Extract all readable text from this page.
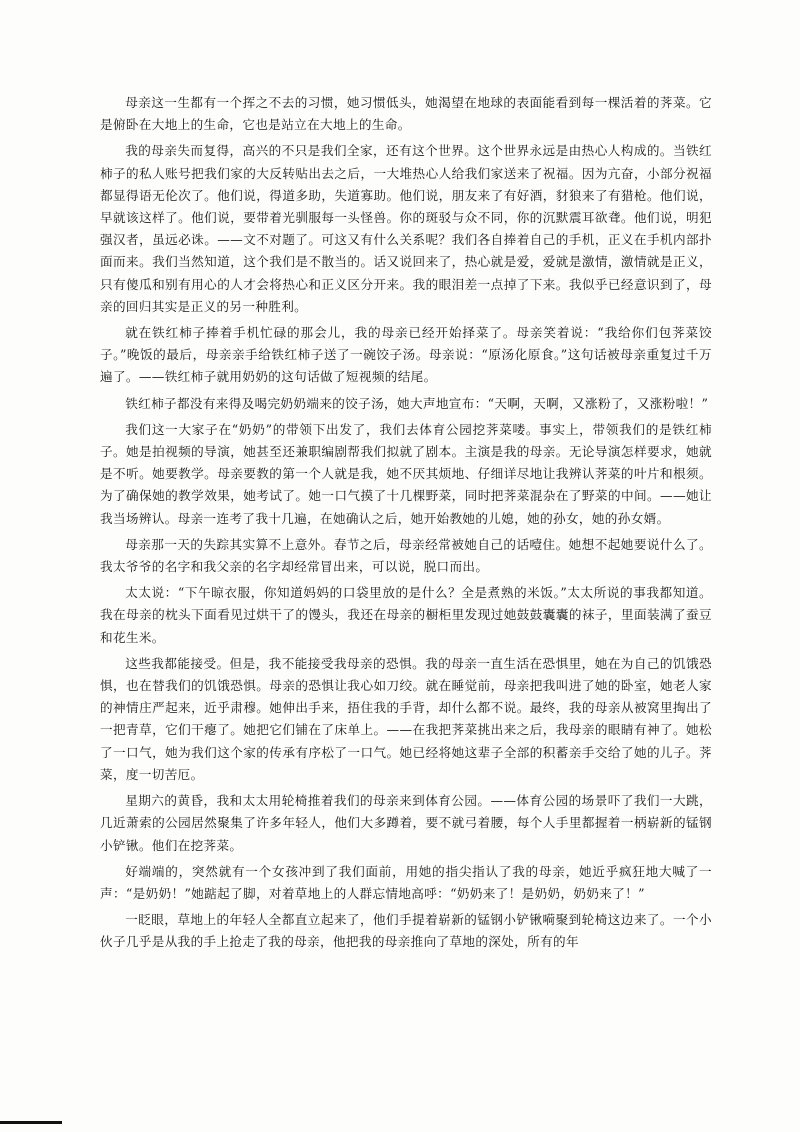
母亲这一生都有一个挥之不去的习惯，她习惯低头，她渴望在地球的表面能看到每一棵活着的荠菜。它是俯卧在大地上的生命，它也是站立在大地上的生命。

我的母亲失而复得，高兴的不只是我们全家，还有这个世界。这个世界永远是由热心人构成的。当铁红柿子的私人账号把我们家的大反转贴出去之后，一大堆热心人给我们家送来了祝福。因为亢奋，小部分祝福都显得语无伦次了。他们说，得道多助，失道寡助。他们说，朋友来了有好酒，豺狼来了有猎枪。他们说，早就该这样了。他们说，要带着光驯服每一头怪兽。你的斑驳与众不同，你的沉默震耳欲聋。他们说，明犯强汉者，虽远必诛。——文不对题了。可这又有什么关系呢？我们各自捧着自己的手机，正义在手机内部扑面而来。我们当然知道，这个我们是不散当的。话又说回来了，热心就是爱，爱就是激情，激情就是正义，只有傻瓜和别有用心的人才会将热心和正义区分开来。我的眼泪差一点掉了下来。我似乎已经意识到了，母亲的回归其实是正义的另一种胜利。

就在铁红柿子捧着手机忙碌的那会儿，我的母亲已经开始择菜了。母亲笑着说：“我给你们包荠菜饺子。”晚饭的最后，母亲亲手给铁红柿子送了一碗饺子汤。母亲说：“原汤化原食。”这句话被母亲重复过千万遍了。——铁红柿子就用奶奶的这句话做了短视频的结尾。

铁红柿子都没有来得及喝完奶奶端来的饺子汤，她大声地宣布：“天啊，天啊，又涨粉了，又涨粉啦！”

我们这一大家子在“奶奶”的带领下出发了，我们去体育公园挖荠菜喽。事实上，带领我们的是铁红柿子。她是拍视频的导演，她甚至还兼职编剧帮我们拟就了剧本。主演是我的母亲。无论导演怎样要求，她就是不听。她要教学。母亲要教的第一个人就是我，她不厌其烦地、仔细详尽地让我辨认荠菜的叶片和根须。为了确保她的教学效果，她考试了。她一口气摸了十几棵野菜，同时把荠菜混杂在了野菜的中间。——她让我当场辨认。母亲一连考了我十几遍，在她确认之后，她开始教她的儿媳，她的孙女，她的孙女婿。

母亲那一天的失踪其实算不上意外。春节之后，母亲经常被她自己的话噎住。她想不起她要说什么了。我太爷爷的名字和我父亲的名字却经常冒出来，可以说，脱口而出。

太太说：“下午晾衣服，你知道妈妈的口袋里放的是什么？全是煮熟的米饭。”太太所说的事我都知道。我在母亲的枕头下面看见过烘干了的馒头，我还在母亲的橱柜里发现过她鼓鼓囊囊的袜子，里面装满了蚕豆和花生米。

这些我都能接受。但是，我不能接受我母亲的恐惧。我的母亲一直生活在恐惧里，她在为自己的饥饿恐惧，也在替我们的饥饿恐惧。母亲的恐惧让我心如刀绞。就在睡觉前，母亲把我叫进了她的卧室，她老人家的神情庄严起来，近乎肃穆。她伸出手来，捂住我的手背，却什么都不说。最终，我的母亲从被窝里掏出了一把青草，它们干瘪了。她把它们铺在了床单上。——在我把荠菜挑出来之后，我母亲的眼睛有神了。她松了一口气，她为我们这个家的传承有序松了一口气。她已经将她这辈子全部的积蓄亲手交给了她的儿子。荠菜，度一切苦厄。

星期六的黄昏，我和太太用轮椅推着我们的母亲来到体育公园。——体育公园的场景吓了我们一大跳，几近萧索的公园居然聚集了许多年轻人，他们大多蹲着，要不就弓着腰，每个人手里都握着一柄崭新的锰钢小铲锹。他们在挖荠菜。

好端端的，突然就有一个女孩冲到了我们面前，用她的指尖指认了我的母亲，她近乎疯狂地大喊了一声：“是奶奶！”她踮起了脚，对着草地上的人群忘情地高呼：“奶奶来了！是奶奶，奶奶来了！”

一眨眼，草地上的年轻人全都直立起来了，他们手提着崭新的锰钢小铲锹嗬聚到轮椅这边来了。一个小伙子几乎是从我的手上抢走了我的母亲，他把我的母亲推向了草地的深处，所有的年
